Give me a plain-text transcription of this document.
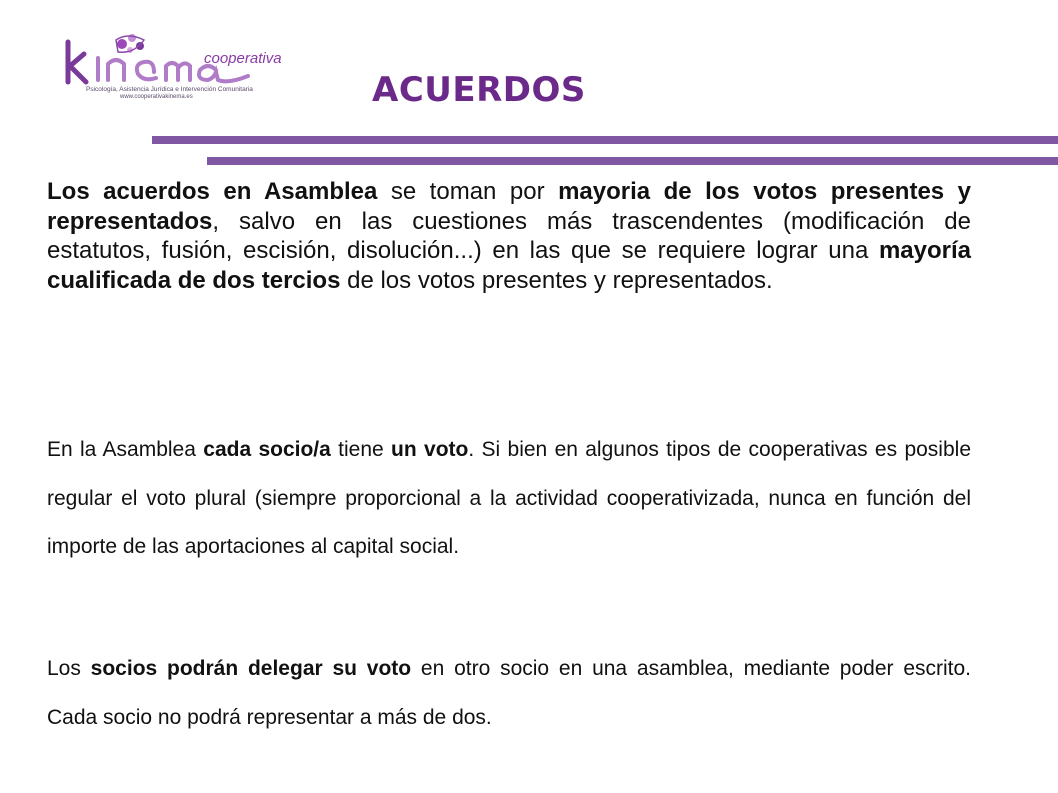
cooperativa
Psicología, Asistencia Jurídica e Intervención Comunitaria
www.cooperativakinema.es	ACUERDOS
Los acuerdos en Asamblea se toman por mayoria de los votos presentes y representados, salvo en las cuestiones más trascendentes (modificación de estatutos, fusión, escisión, disolución...) en las que se requiere lograr una mayoría cualificada de dos tercios de los votos presentes y representados.
En la Asamblea cada socio/a tiene un voto. Si bien en algunos tipos de cooperativas es posible regular el voto plural (siempre proporcional a la actividad cooperativizada, nunca en función del importe de las aportaciones al capital social.
Los socios podrán delegar su voto en otro socio en una asamblea, mediante poder escrito. Cada socio no podrá representar a más de dos.
